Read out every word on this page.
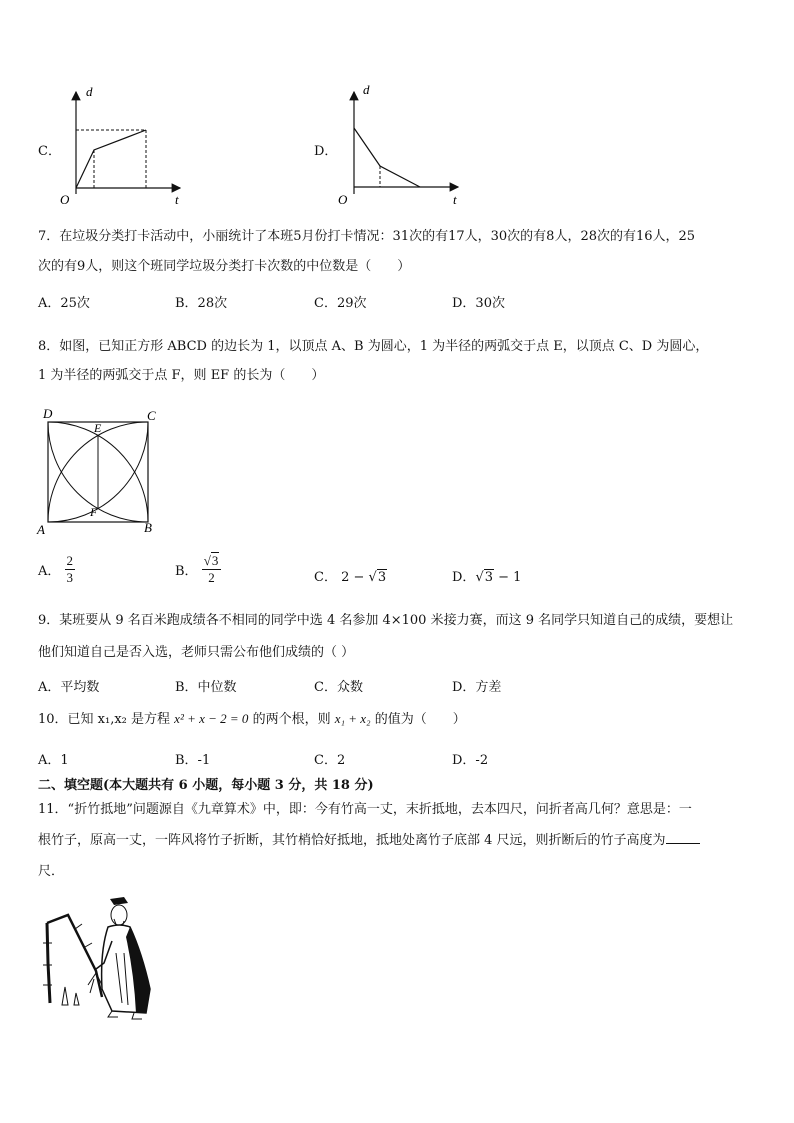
C．
d
t
O
D．
d
t
O
7．在垃圾分类打卡活动中，小丽统计了本班5月份打卡情况：31次的有17人，30次的有8人，28次的有16人，25
次的有9人，则这个班同学垃圾分类打卡次数的中位数是（　　）
A．25次	B．28次	C．29次	D．30次
8．如图，已知正方形 ABCD 的边长为 1，以顶点 A、B 为圆心，1 为半径的两弧交于点 E，以顶点 C、D 为圆心，
1 为半径的两弧交于点 F，则 EF 的长为（　　）
D	C
E
F
A	B
A． $\frac{2}{3}$	B． $\frac{√3}{2}$	C． 2 − √3	D．√3 − 1
9．某班要从 9 名百米跑成绩各不相同的同学中选 4 名参加 4×100 米接力赛，而这 9 名同学只知道自己的成绩，要想让
他们知道自己是否入选，老师只需公布他们成绩的（ ）
A．平均数	B．中位数	C．众数	D．方差
10．已知 x₁,x₂ 是方程 x² + x − 2 = 0 的两个根，则 x₁ + x₂ 的值为（　　）
A．1	B．-1	C．2	D．-2
二、填空题(本大题共有 6 小题，每小题 3 分，共 18 分)
11．“折竹抵地”问题源自《九章算术》中，即：今有竹高一丈，末折抵地，去本四尺，问折者高几何？意思是：一
根竹子，原高一丈，一阵风将竹子折断，其竹梢恰好抵地，抵地处离竹子底部 4 尺远，则折断后的竹子高度为
尺．
